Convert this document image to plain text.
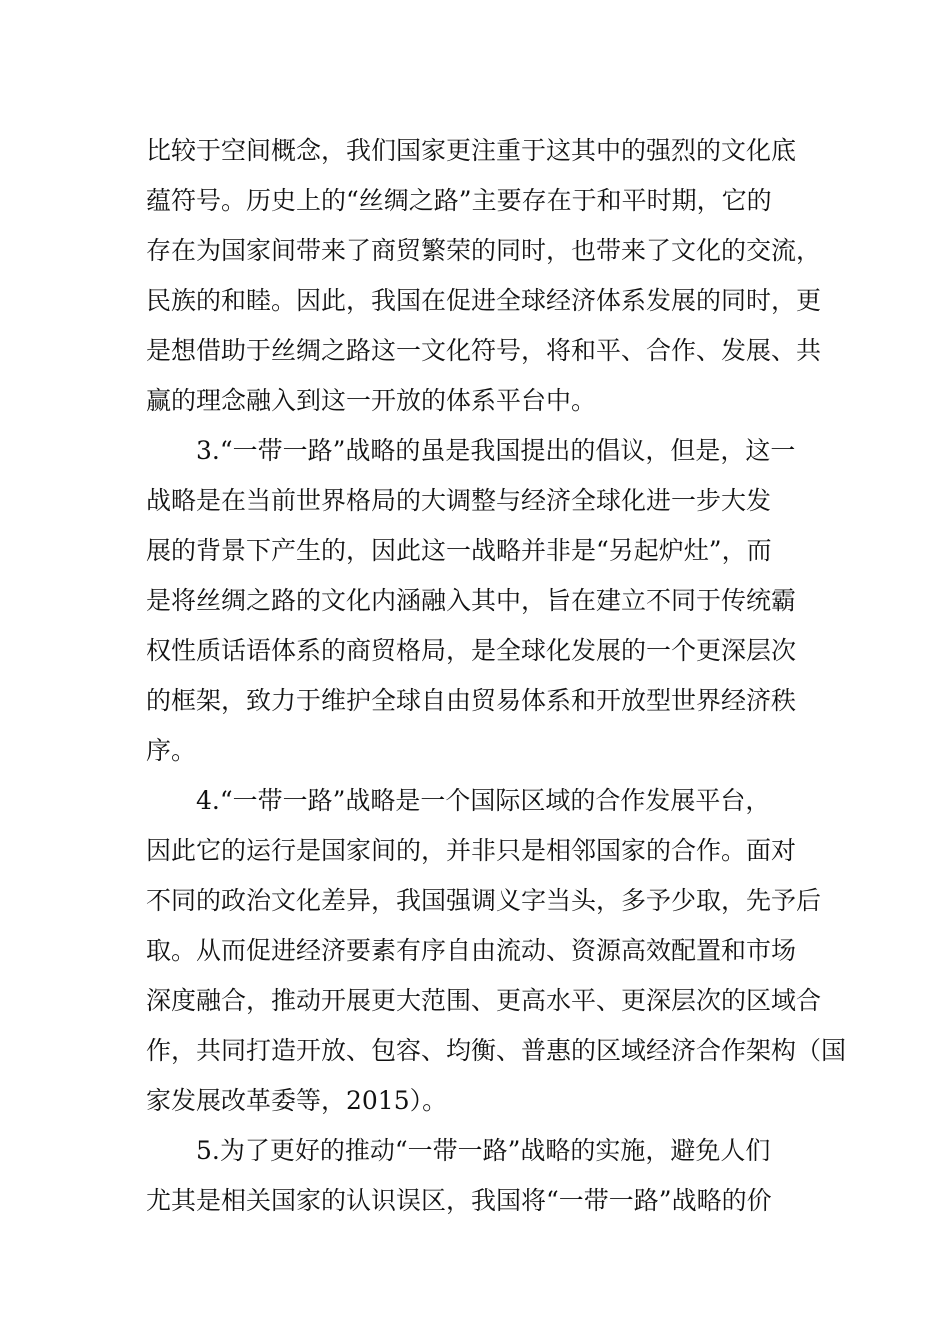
比较于空间概念，我们国家更注重于这其中的强烈的文化底
蕴符号。历史上的“丝绸之路”主要存在于和平时期，它的
存在为国家间带来了商贸繁荣的同时，也带来了文化的交流，
民族的和睦。因此，我国在促进全球经济体系发展的同时，更
是想借助于丝绸之路这一文化符号，将和平、合作、发展、共
赢的理念融入到这一开放的体系平台中。
3.“一带一路”战略的虽是我国提出的倡议，但是，这一
战略是在当前世界格局的大调整与经济全球化进一步大发
展的背景下产生的，因此这一战略并非是“另起炉灶”，而
是将丝绸之路的文化内涵融入其中，旨在建立不同于传统霸
权性质话语体系的商贸格局，是全球化发展的一个更深层次
的框架，致力于维护全球自由贸易体系和开放型世界经济秩
序。
4.“一带一路”战略是一个国际区域的合作发展平台，
因此它的运行是国家间的，并非只是相邻国家的合作。面对
不同的政治文化差异，我国强调义字当头，多予少取，先予后
取。从而促进经济要素有序自由流动、资源高效配置和市场
深度融合，推动开展更大范围、更高水平、更深层次的区域合
作，共同打造开放、包容、均衡、普惠的区域经济合作架构（国
家发展改革委等，2015）。
5.为了更好的推动“一带一路”战略的实施，避免人们
尤其是相关国家的认识误区，我国将“一带一路”战略的价
